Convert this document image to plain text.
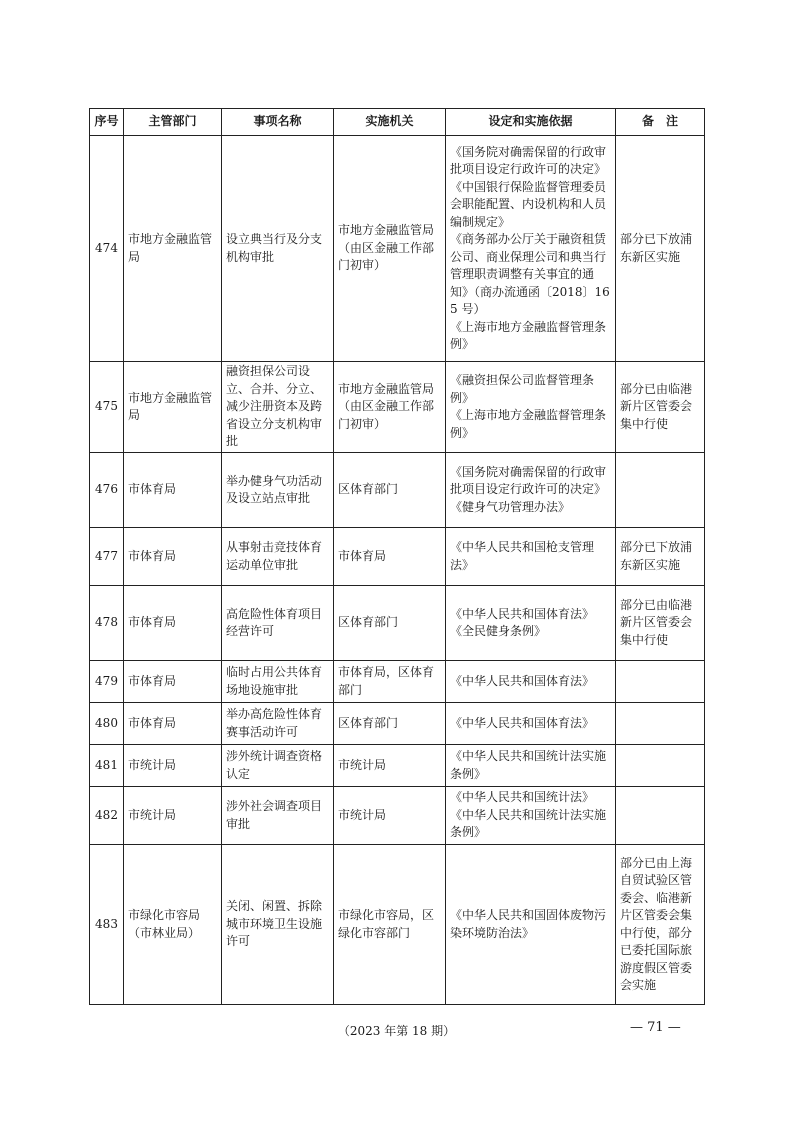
序号	主管部门	事项名称	实施机关	设定和实施依据	备　注
474	市地方金融监管局	设立典当行及分支机构审批	市地方金融监管局（由区金融工作部门初审）	《国务院对确需保留的行政审批项目设定行政许可的决定》
《中国银行保险监督管理委员会职能配置、内设机构和人员编制规定》
《商务部办公厅关于融资租赁公司、商业保理公司和典当行管理职责调整有关事宜的通知》（商办流通函〔2018〕165 号）
《上海市地方金融监督管理条例》	部分已下放浦东新区实施
475	市地方金融监管局	融资担保公司设立、合并、分立、减少注册资本及跨省设立分支机构审批	市地方金融监管局（由区金融工作部门初审）	《融资担保公司监督管理条例》
《上海市地方金融监督管理条例》	部分已由临港新片区管委会集中行使
476	市体育局	举办健身气功活动及设立站点审批	区体育部门	《国务院对确需保留的行政审批项目设定行政许可的决定》
《健身气功管理办法》	
477	市体育局	从事射击竞技体育运动单位审批	市体育局	《中华人民共和国枪支管理法》	部分已下放浦东新区实施
478	市体育局	高危险性体育项目经营许可	区体育部门	《中华人民共和国体育法》
《全民健身条例》	部分已由临港新片区管委会集中行使
479	市体育局	临时占用公共体育场地设施审批	市体育局，区体育部门	《中华人民共和国体育法》	
480	市体育局	举办高危险性体育赛事活动许可	区体育部门	《中华人民共和国体育法》	
481	市统计局	涉外统计调查资格认定	市统计局	《中华人民共和国统计法实施条例》	
482	市统计局	涉外社会调查项目审批	市统计局	《中华人民共和国统计法》
《中华人民共和国统计法实施条例》	
483	市绿化市容局（市林业局）	关闭、闲置、拆除城市环境卫生设施许可	市绿化市容局，区绿化市容部门	《中华人民共和国固体废物污染环境防治法》	部分已由上海自贸试验区管委会、临港新片区管委会集中行使，部分已委托国际旅游度假区管委会实施
（2023 年第 18 期）	— 71 —
